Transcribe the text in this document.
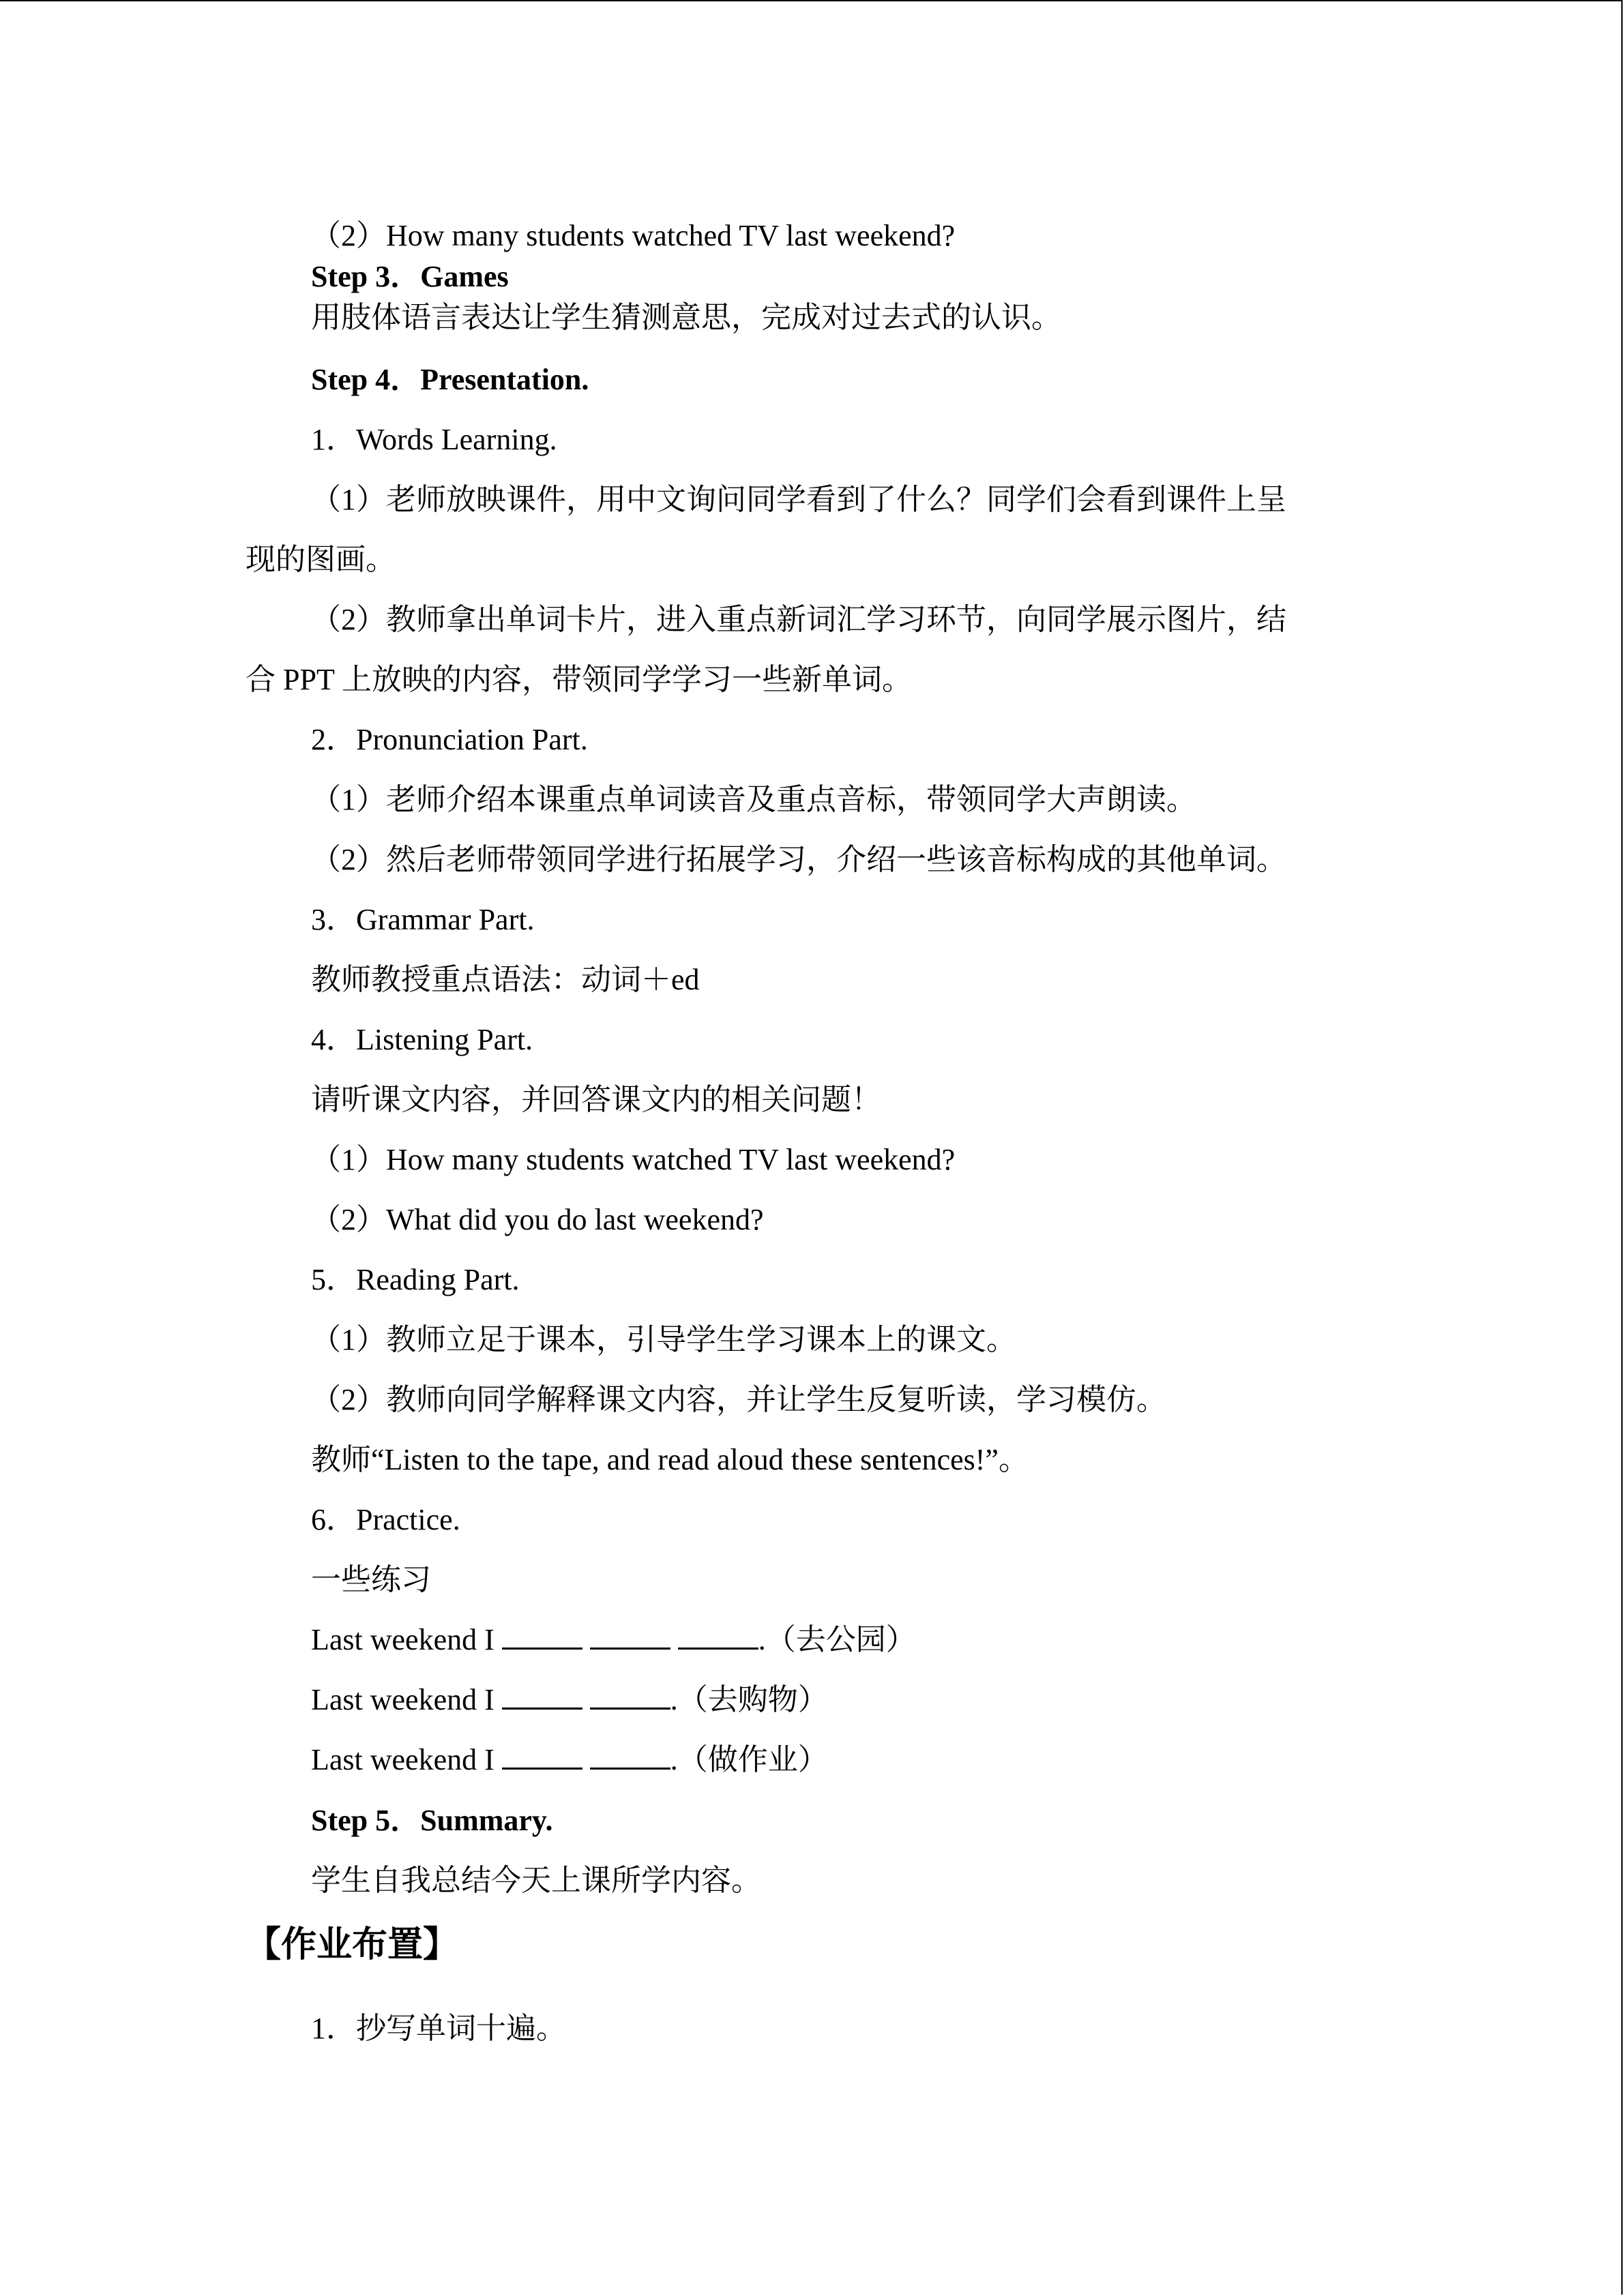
（2）How many students watched TV last weekend?
Step 3．Games
用肢体语言表达让学生猜测意思，完成对过去式的认识。
Step 4．Presentation.
1．Words Learning.
（1）老师放映课件，用中文询问同学看到了什么？同学们会看到课件上呈
现的图画。
（2）教师拿出单词卡片，进入重点新词汇学习环节，向同学展示图片，结
合 PPT 上放映的内容，带领同学学习一些新单词。
2．Pronunciation Part.
（1）老师介绍本课重点单词读音及重点音标，带领同学大声朗读。
（2）然后老师带领同学进行拓展学习，介绍一些该音标构成的其他单词。
3．Grammar Part.
教师教授重点语法：动词＋ed
4．Listening Part.
请听课文内容，并回答课文内的相关问题！
（1）How many students watched TV last weekend?
（2）What did you do last weekend?
5．Reading Part.
（1）教师立足于课本，引导学生学习课本上的课文。
（2）教师向同学解释课文内容，并让学生反复听读，学习模仿。
教师“Listen to the tape, and read aloud these sentences!”。
6．Practice.
一些练习
Last weekend I	.（去公园）
Last weekend I	.（去购物）
Last weekend I	.（做作业）
Step 5．Summary.
学生自我总结今天上课所学内容。
【作业布置】
1．抄写单词十遍。
